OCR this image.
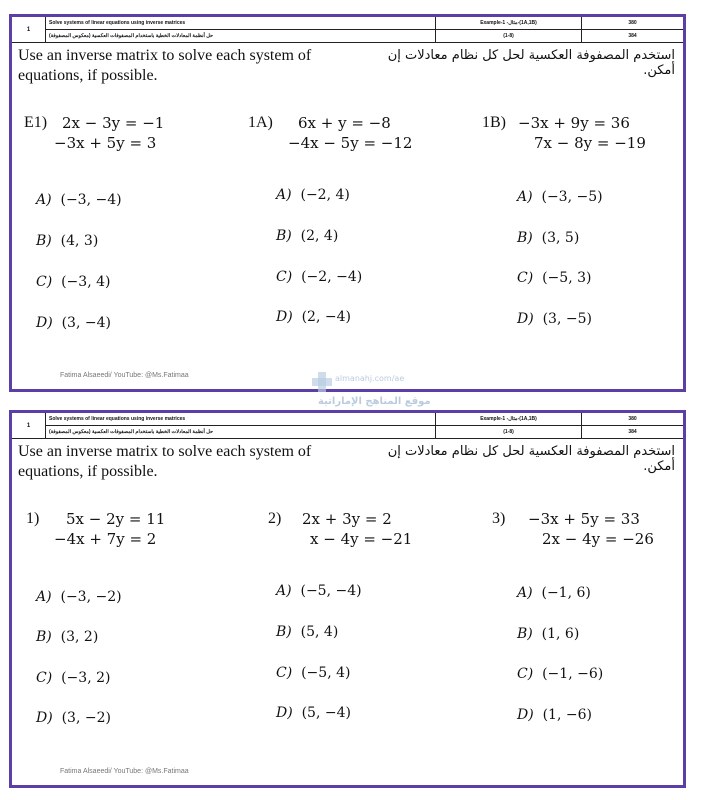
1
Solve systems of linear equations using inverse matrices
حل أنظمة المعادلات الخطية باستخدام المصفوفات العكسية (معكوس المصفوفة)
Example-1 -مثال-(1A,1B)
(1-8)
380
384
Use an inverse matrix to solve each system of equations, if possible.
استخدم المصفوفة العكسية لحل كل نظام معادلات إن أمكن.
E1) 2x − 3y = −1
−3x + 5y = 3
A) (−3, −4)
B) (4, 3)
C) (−3, 4)
D) (3, −4)
1A) 6x + y = −8
−4x − 5y = −12
A) (−2, 4)
B) (2, 4)
C) (−2, −4)
D) (2, −4)
1B) −3x + 9y = 36
7x − 8y = −19
A) (−3, −5)
B) (3, 5)
C) (−5, 3)
D) (3, −5)
Fatima Alsaeedi/ YouTube: @Ms.Fatimaa	almanahj.com/ae
موقع المناهج الإماراتية
1
Solve systems of linear equations using inverse matrices
حل أنظمة المعادلات الخطية باستخدام المصفوفات العكسية (معكوس المصفوفة)
Example-1 -مثال-(1A,1B)
(1-8)
380
384
Use an inverse matrix to solve each system of equations, if possible.
استخدم المصفوفة العكسية لحل كل نظام معادلات إن أمكن.
1) 5x − 2y = 11
−4x + 7y = 2
A) (−3, −2)
B) (3, 2)
C) (−3, 2)
D) (3, −2)
2) 2x + 3y = 2
x − 4y = −21
A) (−5, −4)
B) (5, 4)
C) (−5, 4)
D) (5, −4)
3) −3x + 5y = 33
2x − 4y = −26
A) (−1, 6)
B) (1, 6)
C) (−1, −6)
D) (1, −6)
Fatima Alsaeedi/ YouTube: @Ms.Fatimaa
